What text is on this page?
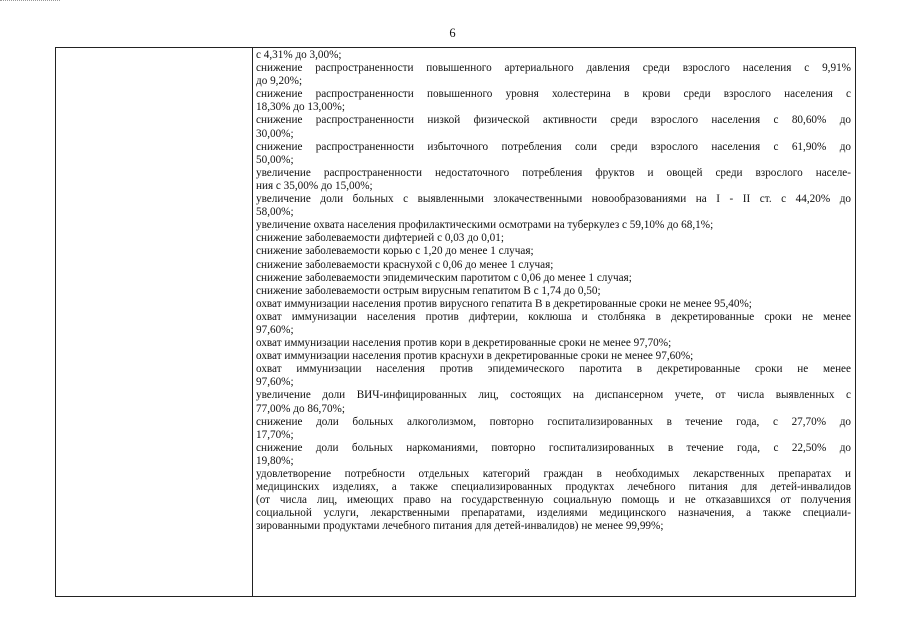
6
с 4,31% до 3,00%;
снижение распространенности повышенного артериального давления среди взрослого населения с 9,91%
до 9,20%;
снижение распространенности повышенного уровня холестерина в крови среди взрослого населения с
18,30% до 13,00%;
снижение распространенности низкой физической активности среди взрослого населения с 80,60% до
30,00%;
снижение распространенности избыточного потребления соли среди взрослого населения с 61,90% до
50,00%;
увеличение распространенности недостаточного потребления фруктов и овощей среди взрослого населе-
ния с 35,00% до 15,00%;
увеличение доли больных с выявленными злокачественными новообразованиями на I - II ст. с 44,20% до
58,00%;
увеличение охвата населения профилактическими осмотрами на туберкулез с 59,10% до 68,1%;
снижение заболеваемости дифтерией с 0,03 до 0,01;
снижение заболеваемости корью с 1,20 до менее 1 случая;
снижение заболеваемости краснухой с 0,06 до менее 1 случая;
снижение заболеваемости эпидемическим паротитом с 0,06 до менее 1 случая;
снижение заболеваемости острым вирусным гепатитом В с 1,74 до 0,50;
охват иммунизации населения против вирусного гепатита В в декретированные сроки не менее 95,40%;
охват иммунизации населения против дифтерии, коклюша и столбняка в декретированные сроки не менее
97,60%;
охват иммунизации населения против кори в декретированные сроки не менее 97,70%;
охват иммунизации населения против краснухи в декретированные сроки не менее 97,60%;
охват иммунизации населения против эпидемического паротита в декретированные сроки не менее
97,60%;
увеличение доли ВИЧ-инфицированных лиц, состоящих на диспансерном учете, от числа выявленных с
77,00% до 86,70%;
снижение доли больных алкоголизмом, повторно госпитализированных в течение года, с 27,70% до
17,70%;
снижение доли больных наркоманиями, повторно госпитализированных в течение года, с 22,50% до
19,80%;
удовлетворение потребности отдельных категорий граждан в необходимых лекарственных препаратах и
медицинских изделиях, а также специализированных продуктах лечебного питания для детей-инвалидов
(от числа лиц, имеющих право на государственную социальную помощь и не отказавшихся от получения
социальной услуги, лекарственными препаратами, изделиями медицинского назначения, а также специали-
зированными продуктами лечебного питания для детей-инвалидов) не менее 99,99%;
